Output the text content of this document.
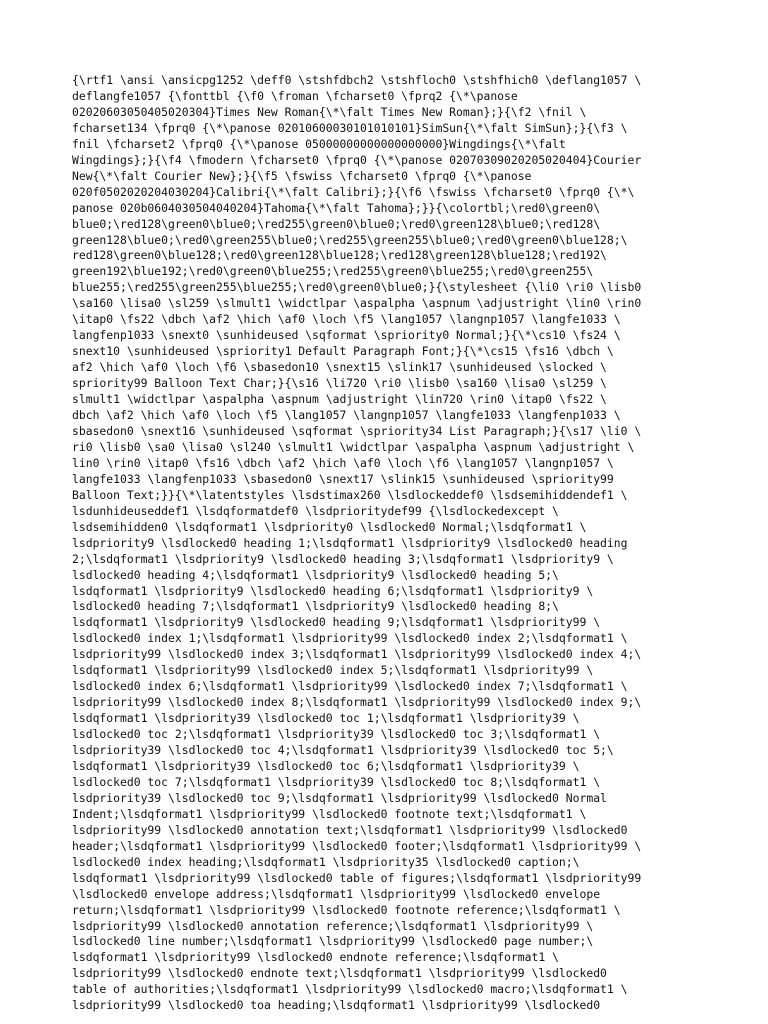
{\rtf1 \ansi \ansicpg1252 \deff0 \stshfdbch2 \stshfloch0 \stshfhich0 \deflang1057 \
deflangfe1057 {\fonttbl {\f0 \froman \fcharset0 \fprq2 {\*\panose
02020603050405020304}Times New Roman{\*\falt Times New Roman};}{\f2 \fnil \
fcharset134 \fprq0 {\*\panose 02010600030101010101}SimSun{\*\falt SimSun};}{\f3 \
fnil \fcharset2 \fprq0 {\*\panose 05000000000000000000}Wingdings{\*\falt
Wingdings};}{\f4 \fmodern \fcharset0 \fprq0 {\*\panose 02070309020205020404}Courier
New{\*\falt Courier New};}{\f5 \fswiss \fcharset0 \fprq0 {\*\panose
020f0502020204030204}Calibri{\*\falt Calibri};}{\f6 \fswiss \fcharset0 \fprq0 {\*\
panose 020b0604030504040204}Tahoma{\*\falt Tahoma};}}{\colortbl;\red0\green0\
blue0;\red128\green0\blue0;\red255\green0\blue0;\red0\green128\blue0;\red128\
green128\blue0;\red0\green255\blue0;\red255\green255\blue0;\red0\green0\blue128;\
red128\green0\blue128;\red0\green128\blue128;\red128\green128\blue128;\red192\
green192\blue192;\red0\green0\blue255;\red255\green0\blue255;\red0\green255\
blue255;\red255\green255\blue255;\red0\green0\blue0;}{\stylesheet {\li0 \ri0 \lisb0
\sa160 \lisa0 \sl259 \slmult1 \widctlpar \aspalpha \aspnum \adjustright \lin0 \rin0
\itap0 \fs22 \dbch \af2 \hich \af0 \loch \f5 \lang1057 \langnp1057 \langfe1033 \
langfenp1033 \snext0 \sunhideused \sqformat \spriority0 Normal;}{\*\cs10 \fs24 \
snext10 \sunhideused \spriority1 Default Paragraph Font;}{\*\cs15 \fs16 \dbch \
af2 \hich \af0 \loch \f6 \sbasedon10 \snext15 \slink17 \sunhideused \slocked \
spriority99 Balloon Text Char;}{\s16 \li720 \ri0 \lisb0 \sa160 \lisa0 \sl259 \
slmult1 \widctlpar \aspalpha \aspnum \adjustright \lin720 \rin0 \itap0 \fs22 \
dbch \af2 \hich \af0 \loch \f5 \lang1057 \langnp1057 \langfe1033 \langfenp1033 \
sbasedon0 \snext16 \sunhideused \sqformat \spriority34 List Paragraph;}{\s17 \li0 \
ri0 \lisb0 \sa0 \lisa0 \sl240 \slmult1 \widctlpar \aspalpha \aspnum \adjustright \
lin0 \rin0 \itap0 \fs16 \dbch \af2 \hich \af0 \loch \f6 \lang1057 \langnp1057 \
langfe1033 \langfenp1033 \sbasedon0 \snext17 \slink15 \sunhideused \spriority99
Balloon Text;}}{\*\latentstyles \lsdstimax260 \lsdlockeddef0 \lsdsemihiddendef1 \
lsdunhideuseddef1 \lsdqformatdef0 \lsdprioritydef99 {\lsdlockedexcept \
lsdsemihidden0 \lsdqformat1 \lsdpriority0 \lsdlocked0 Normal;\lsdqformat1 \
lsdpriority9 \lsdlocked0 heading 1;\lsdqformat1 \lsdpriority9 \lsdlocked0 heading
2;\lsdqformat1 \lsdpriority9 \lsdlocked0 heading 3;\lsdqformat1 \lsdpriority9 \
lsdlocked0 heading 4;\lsdqformat1 \lsdpriority9 \lsdlocked0 heading 5;\
lsdqformat1 \lsdpriority9 \lsdlocked0 heading 6;\lsdqformat1 \lsdpriority9 \
lsdlocked0 heading 7;\lsdqformat1 \lsdpriority9 \lsdlocked0 heading 8;\
lsdqformat1 \lsdpriority9 \lsdlocked0 heading 9;\lsdqformat1 \lsdpriority99 \
lsdlocked0 index 1;\lsdqformat1 \lsdpriority99 \lsdlocked0 index 2;\lsdqformat1 \
lsdpriority99 \lsdlocked0 index 3;\lsdqformat1 \lsdpriority99 \lsdlocked0 index 4;\
lsdqformat1 \lsdpriority99 \lsdlocked0 index 5;\lsdqformat1 \lsdpriority99 \
lsdlocked0 index 6;\lsdqformat1 \lsdpriority99 \lsdlocked0 index 7;\lsdqformat1 \
lsdpriority99 \lsdlocked0 index 8;\lsdqformat1 \lsdpriority99 \lsdlocked0 index 9;\
lsdqformat1 \lsdpriority39 \lsdlocked0 toc 1;\lsdqformat1 \lsdpriority39 \
lsdlocked0 toc 2;\lsdqformat1 \lsdpriority39 \lsdlocked0 toc 3;\lsdqformat1 \
lsdpriority39 \lsdlocked0 toc 4;\lsdqformat1 \lsdpriority39 \lsdlocked0 toc 5;\
lsdqformat1 \lsdpriority39 \lsdlocked0 toc 6;\lsdqformat1 \lsdpriority39 \
lsdlocked0 toc 7;\lsdqformat1 \lsdpriority39 \lsdlocked0 toc 8;\lsdqformat1 \
lsdpriority39 \lsdlocked0 toc 9;\lsdqformat1 \lsdpriority99 \lsdlocked0 Normal
Indent;\lsdqformat1 \lsdpriority99 \lsdlocked0 footnote text;\lsdqformat1 \
lsdpriority99 \lsdlocked0 annotation text;\lsdqformat1 \lsdpriority99 \lsdlocked0
header;\lsdqformat1 \lsdpriority99 \lsdlocked0 footer;\lsdqformat1 \lsdpriority99 \
lsdlocked0 index heading;\lsdqformat1 \lsdpriority35 \lsdlocked0 caption;\
lsdqformat1 \lsdpriority99 \lsdlocked0 table of figures;\lsdqformat1 \lsdpriority99
\lsdlocked0 envelope address;\lsdqformat1 \lsdpriority99 \lsdlocked0 envelope
return;\lsdqformat1 \lsdpriority99 \lsdlocked0 footnote reference;\lsdqformat1 \
lsdpriority99 \lsdlocked0 annotation reference;\lsdqformat1 \lsdpriority99 \
lsdlocked0 line number;\lsdqformat1 \lsdpriority99 \lsdlocked0 page number;\
lsdqformat1 \lsdpriority99 \lsdlocked0 endnote reference;\lsdqformat1 \
lsdpriority99 \lsdlocked0 endnote text;\lsdqformat1 \lsdpriority99 \lsdlocked0
table of authorities;\lsdqformat1 \lsdpriority99 \lsdlocked0 macro;\lsdqformat1 \
lsdpriority99 \lsdlocked0 toa heading;\lsdqformat1 \lsdpriority99 \lsdlocked0
